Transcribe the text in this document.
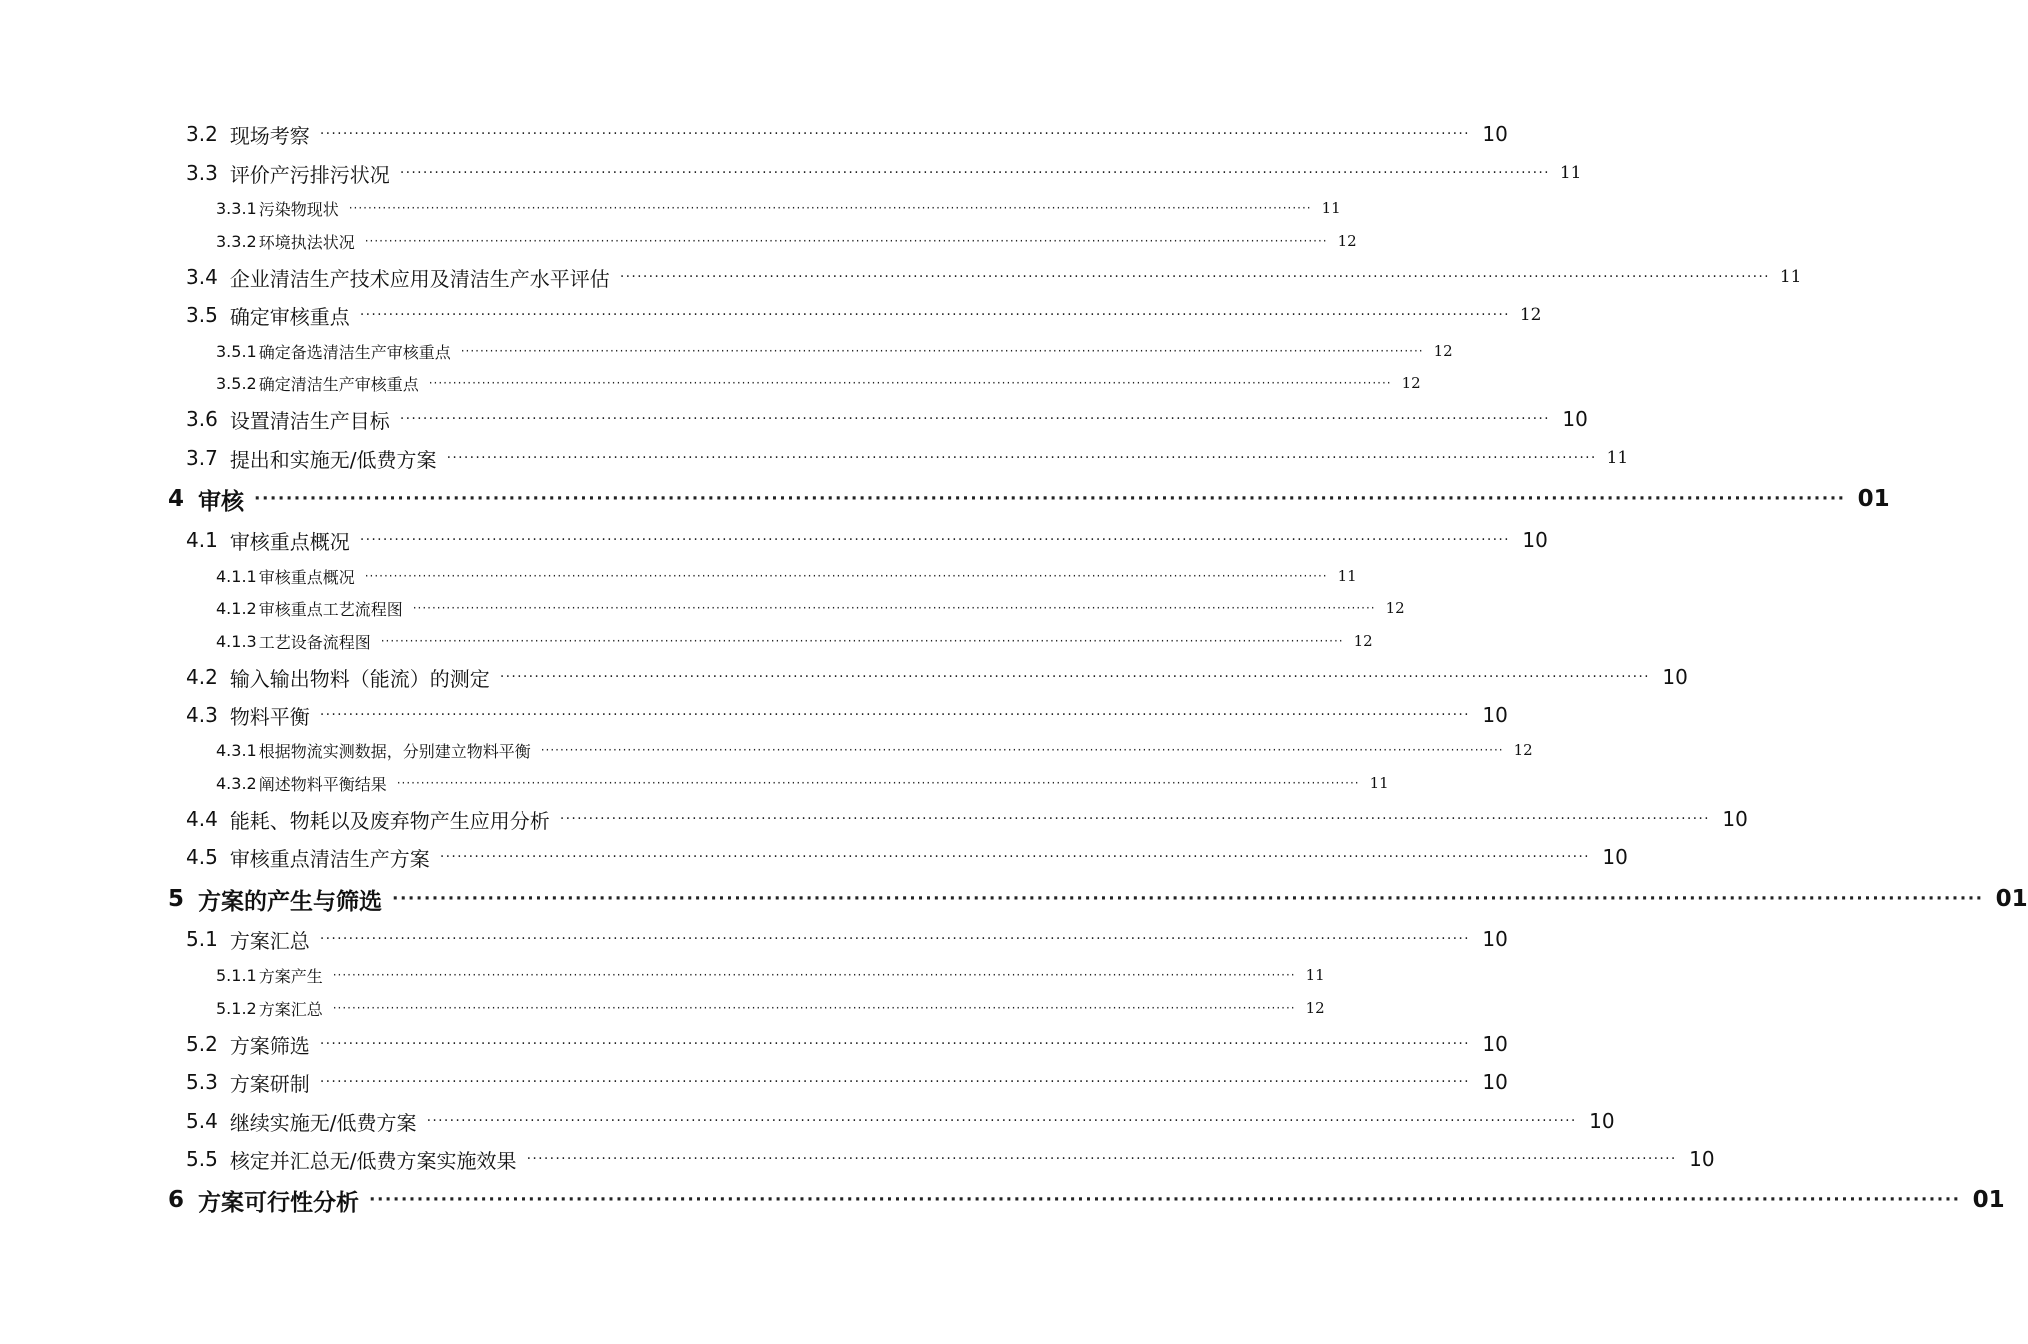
3.2 现场考察 ········································································································································································································ 10
3.3 评价产污排污状况 ········································································································································································································ 11
3.3.1 污染物现状 ········································································································································································································ 11
3.3.2 环境执法状况 ········································································································································································································ 12
3.4 企业清洁生产技术应用及清洁生产水平评估 ········································································································································································································ 11
3.5 确定审核重点 ········································································································································································································ 12
3.5.1 确定备选清洁生产审核重点 ········································································································································································································ 12
3.5.2 确定清洁生产审核重点 ········································································································································································································ 12
3.6 设置清洁生产目标 ········································································································································································································ 10
3.7 提出和实施无/低费方案 ········································································································································································································ 11
4 审核 ········································································································································································································ 01
4.1 审核重点概况 ········································································································································································································ 10
4.1.1 审核重点概况 ········································································································································································································ 11
4.1.2 审核重点工艺流程图 ········································································································································································································ 12
4.1.3 工艺设备流程图 ········································································································································································································ 12
4.2 输入输出物料（能流）的测定 ········································································································································································································ 10
4.3 物料平衡 ········································································································································································································ 10
4.3.1 根据物流实测数据，分别建立物料平衡 ········································································································································································································ 12
4.3.2 阐述物料平衡结果 ········································································································································································································ 11
4.4 能耗、物耗以及废弃物产生应用分析 ········································································································································································································ 10
4.5 审核重点清洁生产方案 ········································································································································································································ 10
5 方案的产生与筛选 ········································································································································································································ 01
5.1 方案汇总 ········································································································································································································ 10
5.1.1 方案产生 ········································································································································································································ 11
5.1.2 方案汇总 ········································································································································································································ 12
5.2 方案筛选 ········································································································································································································ 10
5.3 方案研制 ········································································································································································································ 10
5.4 继续实施无/低费方案 ········································································································································································································ 10
5.5 核定并汇总无/低费方案实施效果 ········································································································································································································ 10
6 方案可行性分析 ········································································································································································································ 01
